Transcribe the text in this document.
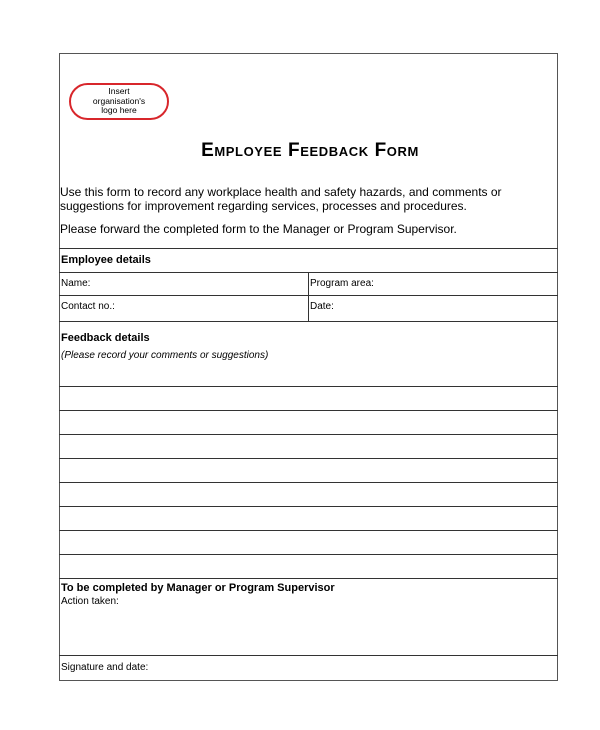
Insert
organisation's
logo here
Employee Feedback Form
Use this form to record any workplace health and safety hazards, and comments or
suggestions for improvement regarding services, processes and procedures.
Please forward the completed form to the Manager or Program Supervisor.
Employee details
Name:	Program area:
Contact no.:	Date:
Feedback details
(Please record your comments or suggestions)
To be completed by Manager or Program Supervisor
Action taken:
Signature and date:
